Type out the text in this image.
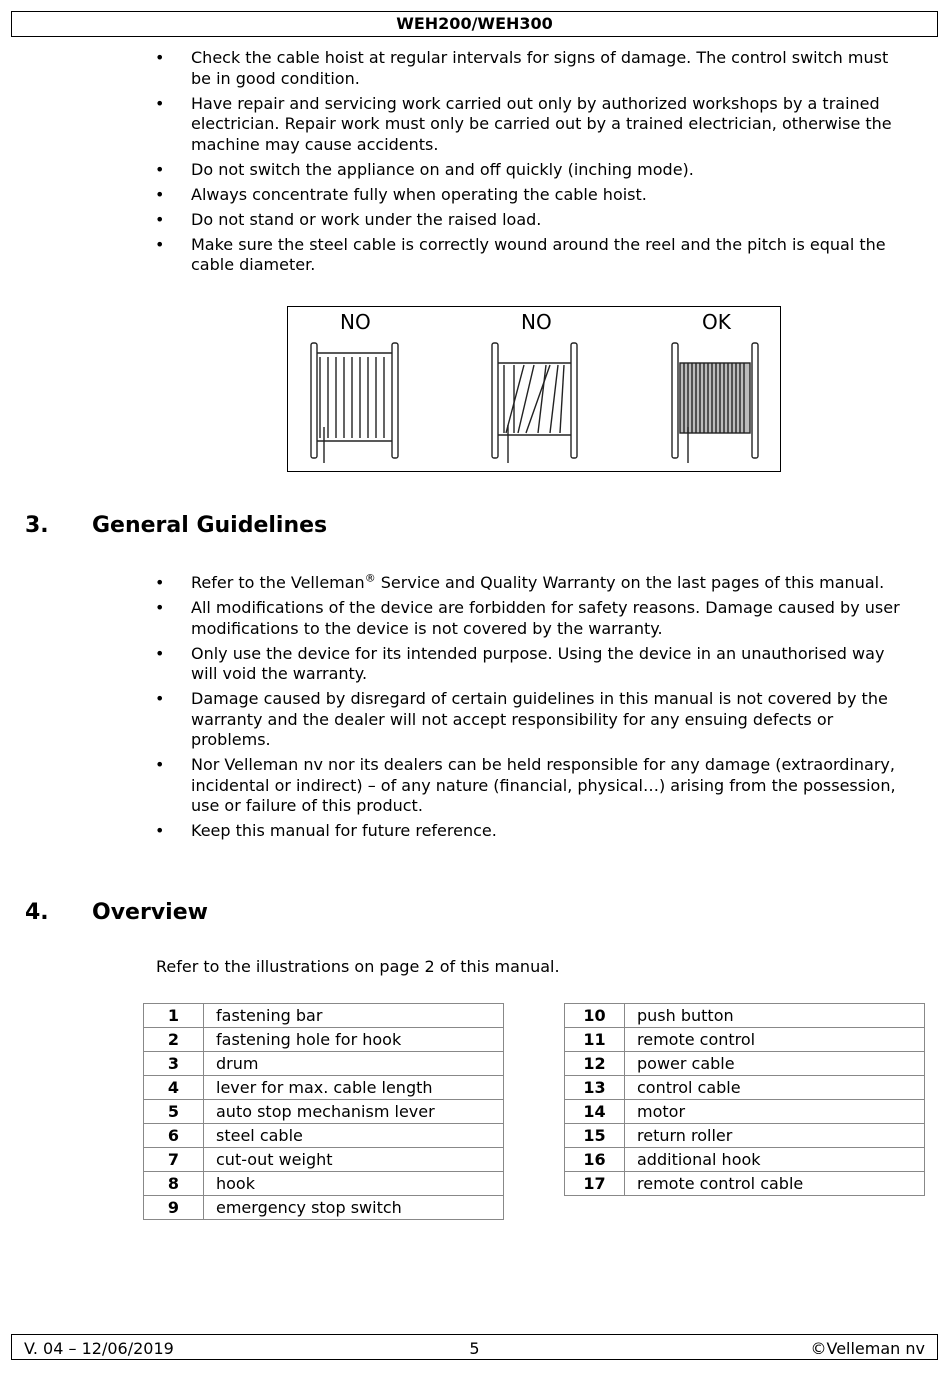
WEH200/WEH300
• Check the cable hoist at regular intervals for signs of damage. The control switch must be in good condition.
• Have repair and servicing work carried out only by authorized workshops by a trained electrician. Repair work must only be carried out by a trained electrician, otherwise the machine may cause accidents.
• Do not switch the appliance on and off quickly (inching mode).
• Always concentrate fully when operating the cable hoist.
• Do not stand or work under the raised load.
• Make sure the steel cable is correctly wound around the reel and the pitch is equal the cable diameter.
NO	NO	OK
3. General Guidelines
• Refer to the Velleman® Service and Quality Warranty on the last pages of this manual.
• All modifications of the device are forbidden for safety reasons. Damage caused by user modifications to the device is not covered by the warranty.
• Only use the device for its intended purpose. Using the device in an unauthorised way will void the warranty.
• Damage caused by disregard of certain guidelines in this manual is not covered by the warranty and the dealer will not accept responsibility for any ensuing defects or problems.
• Nor Velleman nv nor its dealers can be held responsible for any damage (extraordinary, incidental or indirect) – of any nature (financial, physical…) arising from the possession, use or failure of this product.
• Keep this manual for future reference.
4. Overview
Refer to the illustrations on page 2 of this manual.
1	fastening bar
2	fastening hole for hook
3	drum
4	lever for max. cable length
5	auto stop mechanism lever
6	steel cable
7	cut-out weight
8	hook
9	emergency stop switch
10	push button
11	remote control
12	power cable
13	control cable
14	motor
15	return roller
16	additional hook
17	remote control cable
V. 04 – 12/06/2019	5	©Velleman nv
